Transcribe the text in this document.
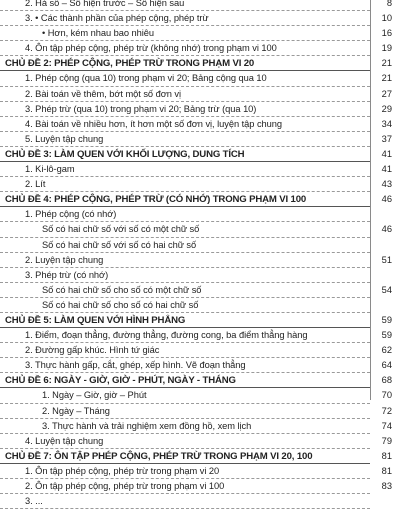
2. Hà số – Số hiện trước – Số hiện sau	8
3. • Các thành phần của phép cộng, phép trừ	10
• Hơn, kém nhau bao nhiêu	16
4. Ôn tập phép cộng, phép trừ (không nhớ) trong phạm vi 100	19
CHỦ ĐỀ 2: PHÉP CỘNG, PHÉP TRỪ TRONG PHẠM VI 20	21
1. Phép cộng (qua 10) trong phạm vi 20; Bảng cộng qua 10	21
2. Bài toán về thêm, bớt một số đơn vị	27
3. Phép trừ (qua 10) trong phạm vi 20; Bảng trừ (qua 10)	29
4. Bài toán về nhiều hơn, ít hơn một số đơn vị, luyện tập chung	34
5. Luyện tập chung	37
CHỦ ĐỀ 3: LÀM QUEN VỚI KHỐI LƯỢNG, DUNG TÍCH	41
1. Ki-lô-gam	41
2. Lít	43
CHỦ ĐỀ 4: PHÉP CỘNG, PHÉP TRỪ (CÓ NHỚ) TRONG PHẠM VI 100	46
1. Phép cộng (có nhớ)
Số có hai chữ số với số có một chữ số	46
Số có hai chữ số với số có hai chữ số
2. Luyện tập chung	51
3. Phép trừ (có nhớ)
Số có hai chữ số cho số có một chữ số	54
Số có hai chữ số cho số có hai chữ số
CHỦ ĐỀ 5: LÀM QUEN VỚI HÌNH PHẲNG	59
1. Điểm, đoạn thẳng, đường thẳng, đường cong, ba điểm thẳng hàng	59
2. Đường gấp khúc. Hình tứ giác	62
3. Thực hành gấp, cắt, ghép, xếp hình. Vẽ đoạn thẳng	64
CHỦ ĐỀ 6: NGÀY - GIỜ, GIỜ - PHÚT, NGÀY - THÁNG	68
1. Ngày – Giờ, giờ – Phút	70
2. Ngày – Tháng	72
3. Thực hành và trải nghiệm xem đồng hồ, xem lịch	74
4. Luyện tập chung	79
CHỦ ĐỀ 7: ÔN TẬP PHÉP CỘNG, PHÉP TRỪ TRONG PHẠM VI 20, 100	81
1. Ôn tập phép cộng, phép trừ trong phạm vi 20	81
2. Ôn tập phép cộng, phép trừ trong phạm vi 100	83
3. ...
